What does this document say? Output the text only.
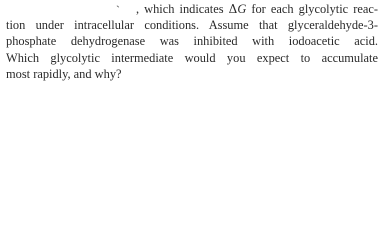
ˋ , which indicates ΔG for each glycolytic reac-
tion under intracellular conditions. Assume that glyceraldehyde-3-
phosphate dehydrogenase was inhibited with iodoacetic acid.
Which glycolytic intermediate would you expect to accumulate
most rapidly, and why?
